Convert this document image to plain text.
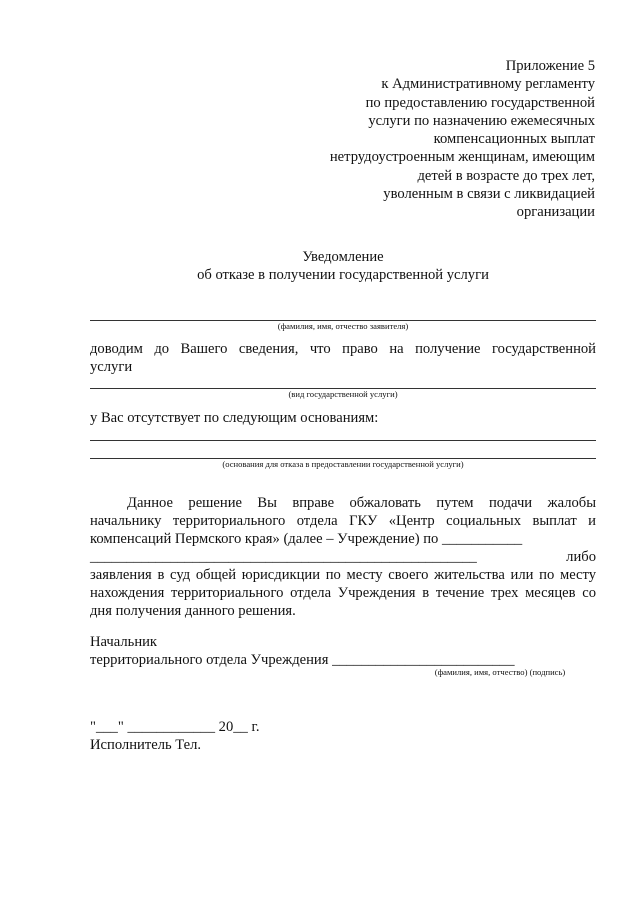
Приложение 5
к Административному регламенту
по предоставлению государственной
услуги по назначению ежемесячных
компенсационных выплат
нетрудоустроенным женщинам, имеющим
детей в возрасте до трех лет,
уволенным в связи с ликвидацией
организации
Уведомление
об отказе в получении государственной услуги
(фамилия, имя, отчество заявителя)
доводим до Вашего сведения, что право на получение государственной
услуги
(вид государственной услуги)
у Вас отсутствует по следующим основаниям:
(основания для отказа в предоставлении государственной услуги)
Данное решение Вы вправе обжаловать путем подачи жалобы
начальнику территориального отдела ГКУ «Центр социальных выплат и
компенсаций Пермского края» (далее – Учреждение) по ___________
_____________________________________________________	либо
заявления в суд общей юрисдикции по месту своего жительства или по месту
нахождения территориального отдела Учреждения в течение трех месяцев со
дня получения данного решения.
Начальник
территориального отдела Учреждения _________________________
(фамилия, имя, отчество) (подпись)
"___" ____________ 20__ г.
Исполнитель Тел.
